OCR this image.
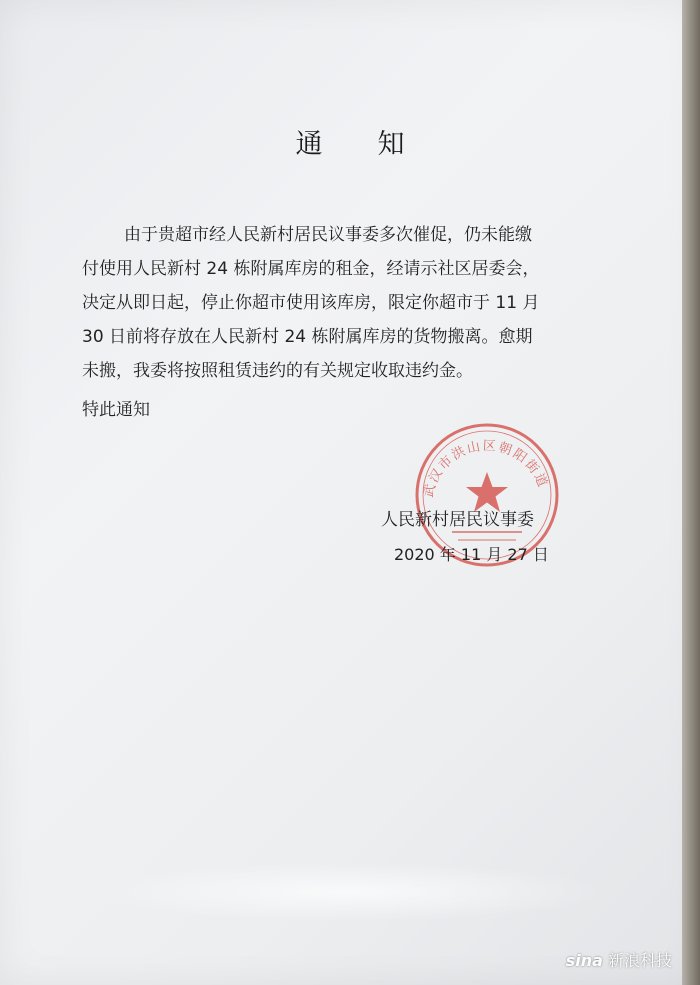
通 知
由于贵超市经人民新村居民议事委多次催促，仍未能缴
付使用人民新村 24 栋附属库房的租金，经请示社区居委会，
决定从即日起，停止你超市使用该库房，限定你超市于 11 月
30 日前将存放在人民新村 24 栋附属库房的货物搬离。愈期
未搬，我委将按照租赁违约的有关规定收取违约金。
特此通知
武汉市洪山区朝阳街道
人民新村居民议事委
2020 年 11 月 27 日
sina 新浪科技
